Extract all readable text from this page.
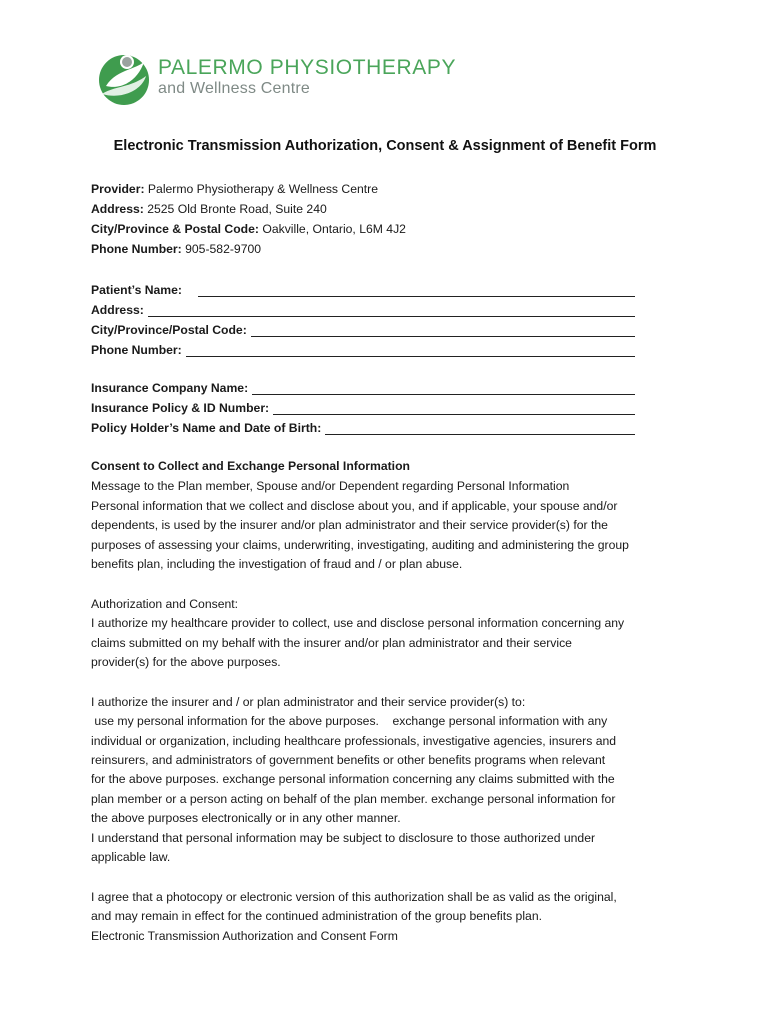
PALERMO PHYSIOTHERAPY
and Wellness Centre
Electronic Transmission Authorization, Consent & Assignment of Benefit Form
Provider: Palermo Physiotherapy & Wellness Centre
Address: 2525 Old Bronte Road, Suite 240
City/Province & Postal Code: Oakville, Ontario, L6M 4J2
Phone Number: 905-582-9700
Patient’s Name:
Address:
City/Province/Postal Code:
Phone Number:
Insurance Company Name:
Insurance Policy & ID Number:
Policy Holder’s Name and Date of Birth:
Consent to Collect and Exchange Personal Information
Message to the Plan member, Spouse and/or Dependent regarding Personal Information
Personal information that we collect and disclose about you, and if applicable, your spouse and/or
dependents, is used by the insurer and/or plan administrator and their service provider(s) for the
purposes of assessing your claims, underwriting, investigating, auditing and administering the group
benefits plan, including the investigation of fraud and / or plan abuse.
Authorization and Consent:
I authorize my healthcare provider to collect, use and disclose personal information concerning any
claims submitted on my behalf with the insurer and/or plan administrator and their service
provider(s) for the above purposes.
I authorize the insurer and / or plan administrator and their service provider(s) to:
use my personal information for the above purposes.    exchange personal information with any
individual or organization, including healthcare professionals, investigative agencies, insurers and
reinsurers, and administrators of government benefits or other benefits programs when relevant
for the above purposes. exchange personal information concerning any claims submitted with the
plan member or a person acting on behalf of the plan member. exchange personal information for
the above purposes electronically or in any other manner.
I understand that personal information may be subject to disclosure to those authorized under
applicable law.
I agree that a photocopy or electronic version of this authorization shall be as valid as the original,
and may remain in effect for the continued administration of the group benefits plan.
Electronic Transmission Authorization and Consent Form
